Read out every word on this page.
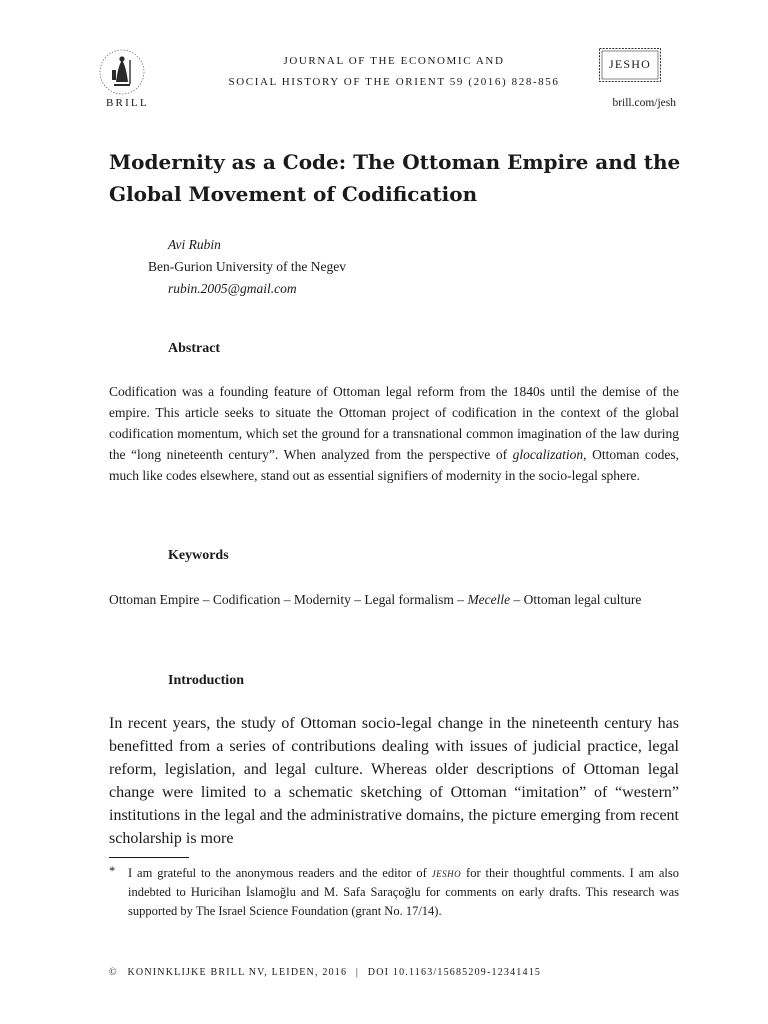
BRILL
JOURNAL OF THE ECONOMIC AND
SOCIAL HISTORY OF THE ORIENT 59 (2016) 828-856
JESHO
brill.com/jesh
Modernity as a Code: The Ottoman Empire and the Global Movement of Codification
Avi Rubin
Ben-Gurion University of the Negev
rubin.2005@gmail.com
Abstract

Codification was a founding feature of Ottoman legal reform from the 1840s until the demise of the empire. This article seeks to situate the Ottoman project of codification in the context of the global codification momentum, which set the ground for a transnational common imagination of the law during the “long nineteenth century”. When analyzed from the perspective of glocalization, Ottoman codes, much like codes elsewhere, stand out as essential signifiers of modernity in the socio-legal sphere.

Keywords

Ottoman Empire – Codification – Modernity – Legal formalism – Mecelle – Ottoman legal culture

Introduction

In recent years, the study of Ottoman socio-legal change in the nineteenth century has benefitted from a series of contributions dealing with issues of judicial practice, legal reform, legislation, and legal culture. Whereas older descriptions of Ottoman legal change were limited to a schematic sketching of Ottoman “imitation” of “western” institutions in the legal and the administrative domains, the picture emerging from recent scholarship is more

* I am grateful to the anonymous readers and the editor of jesho for their thoughtful comments. I am also indebted to Huricihan İslamoğlu and M. Safa Saraçoğlu for comments on early drafts. This research was supported by The Israel Science Foundation (grant No. 17/14).

© KONINKLIJKE BRILL NV, LEIDEN, 2016 | DOI 10.1163/15685209-12341415
